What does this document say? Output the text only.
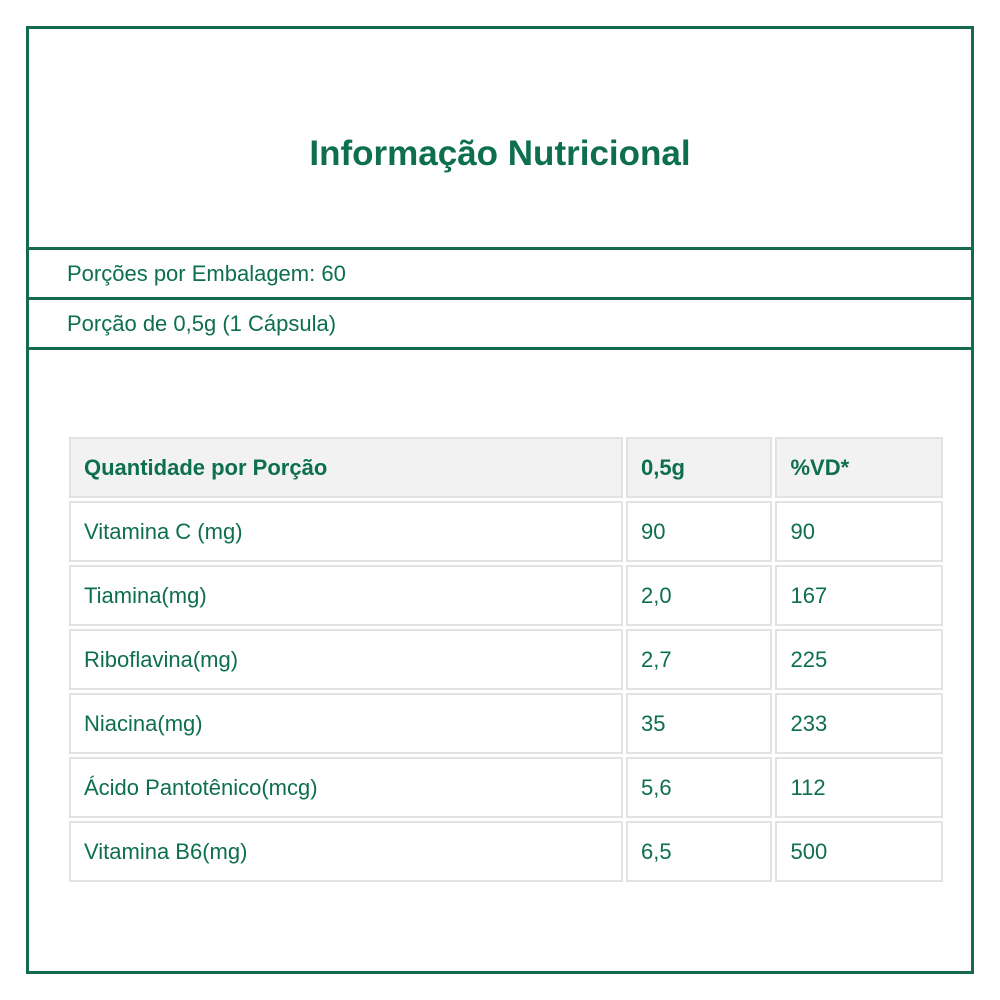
Informação Nutricional
Porções por Embalagem: 60
Porção de 0,5g (1 Cápsula)
Quantidade por Porção	0,5g	%VD*
Vitamina C (mg)	90	90
Tiamina(mg)	2,0	167
Riboflavina(mg)	2,7	225
Niacina(mg)	35	233
Ácido Pantotênico(mcg)	5,6	112
Vitamina B6(mg)	6,5	500
